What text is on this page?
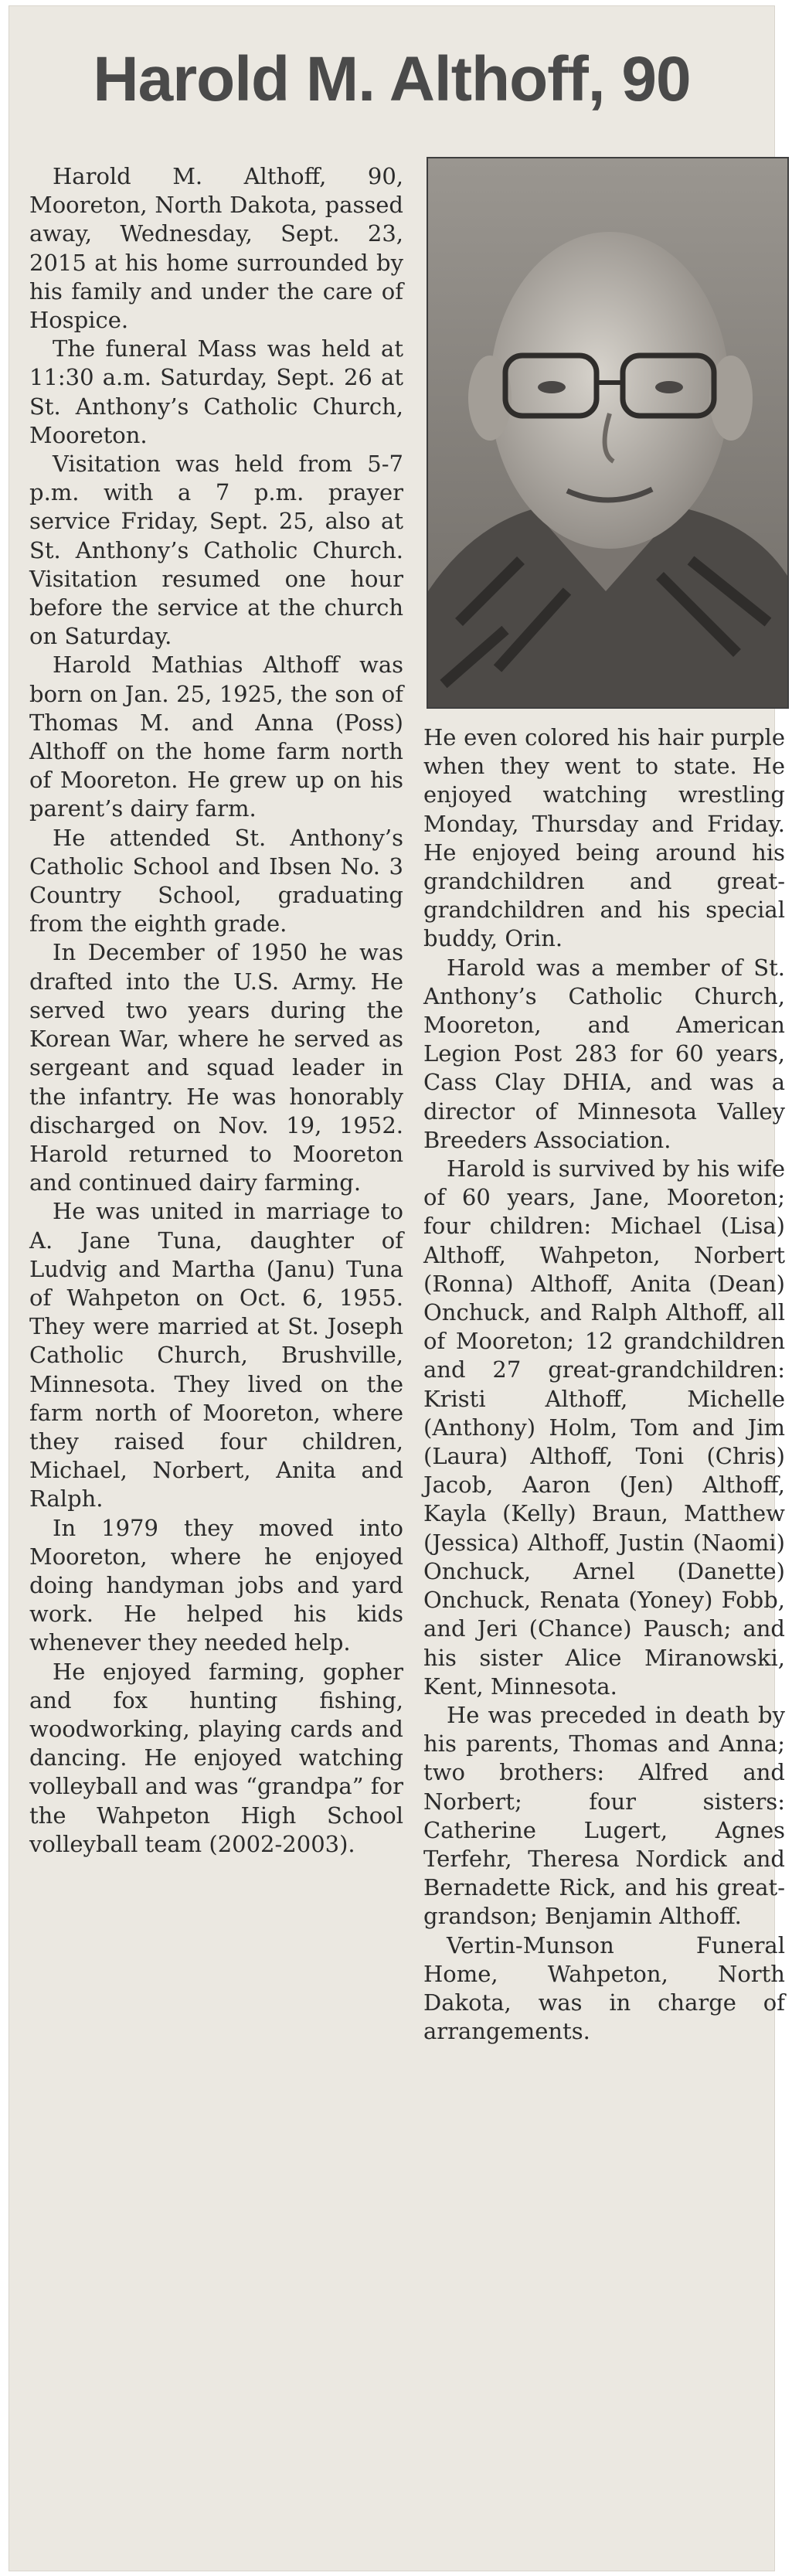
Harold M. Althoff, 90

Harold M. Althoff, 90, Mooreton, North Dakota, passed away, Wednesday, Sept. 23, 2015 at his home surrounded by his family and under the care of Hospice.

The funeral Mass was held at 11:30 a.m. Saturday, Sept. 26 at St. Anthony’s Catholic Church, Mooreton.

Visitation was held from 5-7 p.m. with a 7 p.m. prayer service Friday, Sept. 25, also at St. Anthony’s Catholic Church. Visitation resumed one hour before the service at the church on Saturday.

Harold Mathias Althoff was born on Jan. 25, 1925, the son of Thomas M. and Anna (Poss) Althoff on the home farm north of Mooreton. He grew up on his parent’s dairy farm.

He attended St. Anthony’s Catholic School and Ibsen No. 3 Country School, graduating from the eighth grade.

In December of 1950 he was drafted into the U.S. Army. He served two years during the Korean War, where he served as sergeant and squad leader in the infantry. He was honorably discharged on Nov. 19, 1952. Harold returned to Mooreton and continued dairy farming.

He was united in marriage to A. Jane Tuna, daughter of Ludvig and Martha (Janu) Tuna of Wahpeton on Oct. 6, 1955. They were married at St. Joseph Catholic Church, Brushville, Minnesota. They lived on the farm north of Mooreton, where they raised four children, Michael, Norbert, Anita and Ralph.

In 1979 they moved into Mooreton, where he enjoyed doing handyman jobs and yard work. He helped his kids whenever they needed help.

He enjoyed farming, gopher and fox hunting fishing, woodworking, playing cards and dancing. He enjoyed watching volleyball and was “grandpa” for the Wahpeton High School volleyball team (2002-2003).

He even colored his hair purple when they went to state. He enjoyed watching wrestling Monday, Thursday and Friday. He enjoyed being around his grandchildren and great-grandchildren and his special buddy, Orin.

Harold was a member of St. Anthony’s Catholic Church, Mooreton, and American Legion Post 283 for 60 years, Cass Clay DHIA, and was a director of Minnesota Valley Breeders Association.

Harold is survived by his wife of 60 years, Jane, Mooreton; four children: Michael (Lisa) Althoff, Wahpeton, Norbert (Ronna) Althoff, Anita (Dean) Onchuck, and Ralph Althoff, all of Mooreton; 12 grandchildren and 27 great-grandchildren: Kristi Althoff, Michelle (Anthony) Holm, Tom and Jim (Laura) Althoff, Toni (Chris) Jacob, Aaron (Jen) Althoff, Kayla (Kelly) Braun, Matthew (Jessica) Althoff, Justin (Naomi) Onchuck, Arnel (Danette) Onchuck, Renata (Yoney) Fobb, and Jeri (Chance) Pausch; and his sister Alice Miranowski, Kent, Minnesota.

He was preceded in death by his parents, Thomas and Anna; two brothers: Alfred and Norbert; four sisters: Catherine Lugert, Agnes Terfehr, Theresa Nordick and Bernadette Rick, and his great-grandson; Benjamin Althoff.

Vertin-Munson Funeral Home, Wahpeton, North Dakota, was in charge of arrangements.
